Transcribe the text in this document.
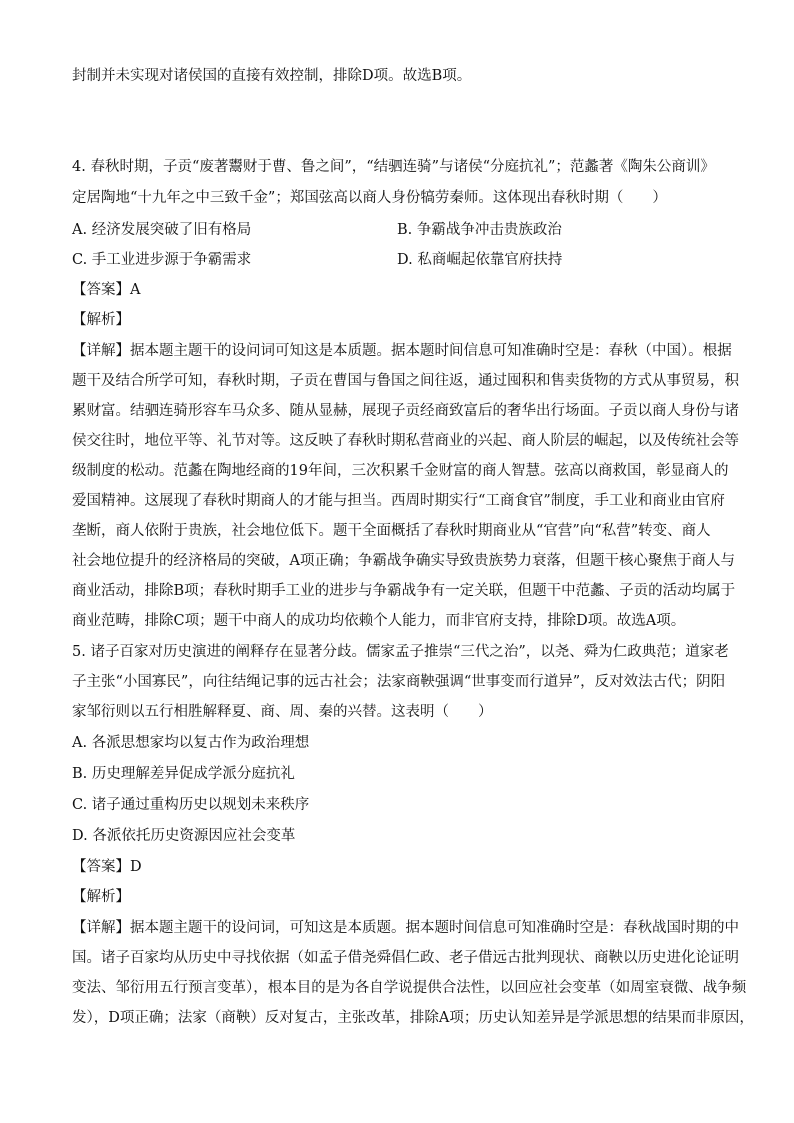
封制并未实现对诸侯国的直接有效控制，排除D项。故选B项。
4. 春秋时期，子贡“废著鬻财于曹、鲁之间”，“结驷连骑”与诸侯“分庭抗礼”；范蠡著《陶朱公商训》
定居陶地“十九年之中三致千金”；郑国弦高以商人身份犒劳秦师。这体现出春秋时期（　　）
A. 经济发展突破了旧有格局	B. 争霸战争冲击贵族政治
C. 手工业进步源于争霸需求	D. 私商崛起依靠官府扶持
【答案】A
【解析】
【详解】据本题主题干的设问词可知这是本质题。据本题时间信息可知准确时空是：春秋（中国）。根据
题干及结合所学可知，春秋时期，子贡在曹国与鲁国之间往返，通过囤积和售卖货物的方式从事贸易，积
累财富。结驷连骑形容车马众多、随从显赫，展现子贡经商致富后的奢华出行场面。子贡以商人身份与诸
侯交往时，地位平等、礼节对等。这反映了春秋时期私营商业的兴起、商人阶层的崛起，以及传统社会等
级制度的松动。范蠡在陶地经商的19年间，三次积累千金财富的商人智慧。弦高以商救国，彰显商人的
爱国精神。这展现了春秋时期商人的才能与担当。西周时期实行“工商食官”制度，手工业和商业由官府
垄断，商人依附于贵族，社会地位低下。题干全面概括了春秋时期商业从“官营”向“私营”转变、商人
社会地位提升的经济格局的突破，A项正确；争霸战争确实导致贵族势力衰落，但题干核心聚焦于商人与
商业活动，排除B项；春秋时期手工业的进步与争霸战争有一定关联，但题干中范蠡、子贡的活动均属于
商业范畴，排除C项；题干中商人的成功均依赖个人能力，而非官府支持，排除D项。故选A项。
5. 诸子百家对历史演进的阐释存在显著分歧。儒家孟子推崇“三代之治”，以尧、舜为仁政典范；道家老
子主张“小国寡民”，向往结绳记事的远古社会；法家商鞅强调“世事变而行道异”，反对效法古代；阴阳
家邹衍则以五行相胜解释夏、商、周、秦的兴替。这表明（　　）
A. 各派思想家均以复古作为政治理想
B. 历史理解差异促成学派分庭抗礼
C. 诸子通过重构历史以规划未来秩序
D. 各派依托历史资源因应社会变革
【答案】D
【解析】
【详解】据本题主题干的设问词，可知这是本质题。据本题时间信息可知准确时空是：春秋战国时期的中
国。诸子百家均从历史中寻找依据（如孟子借尧舜倡仁政、老子借远古批判现状、商鞅以历史进化论证明
变法、邹衍用五行预言变革），根本目的是为各自学说提供合法性，以回应社会变革（如周室衰微、战争频
发），D项正确；法家（商鞅）反对复古，主张改革，排除A项；历史认知差异是学派思想的结果而非原因，
